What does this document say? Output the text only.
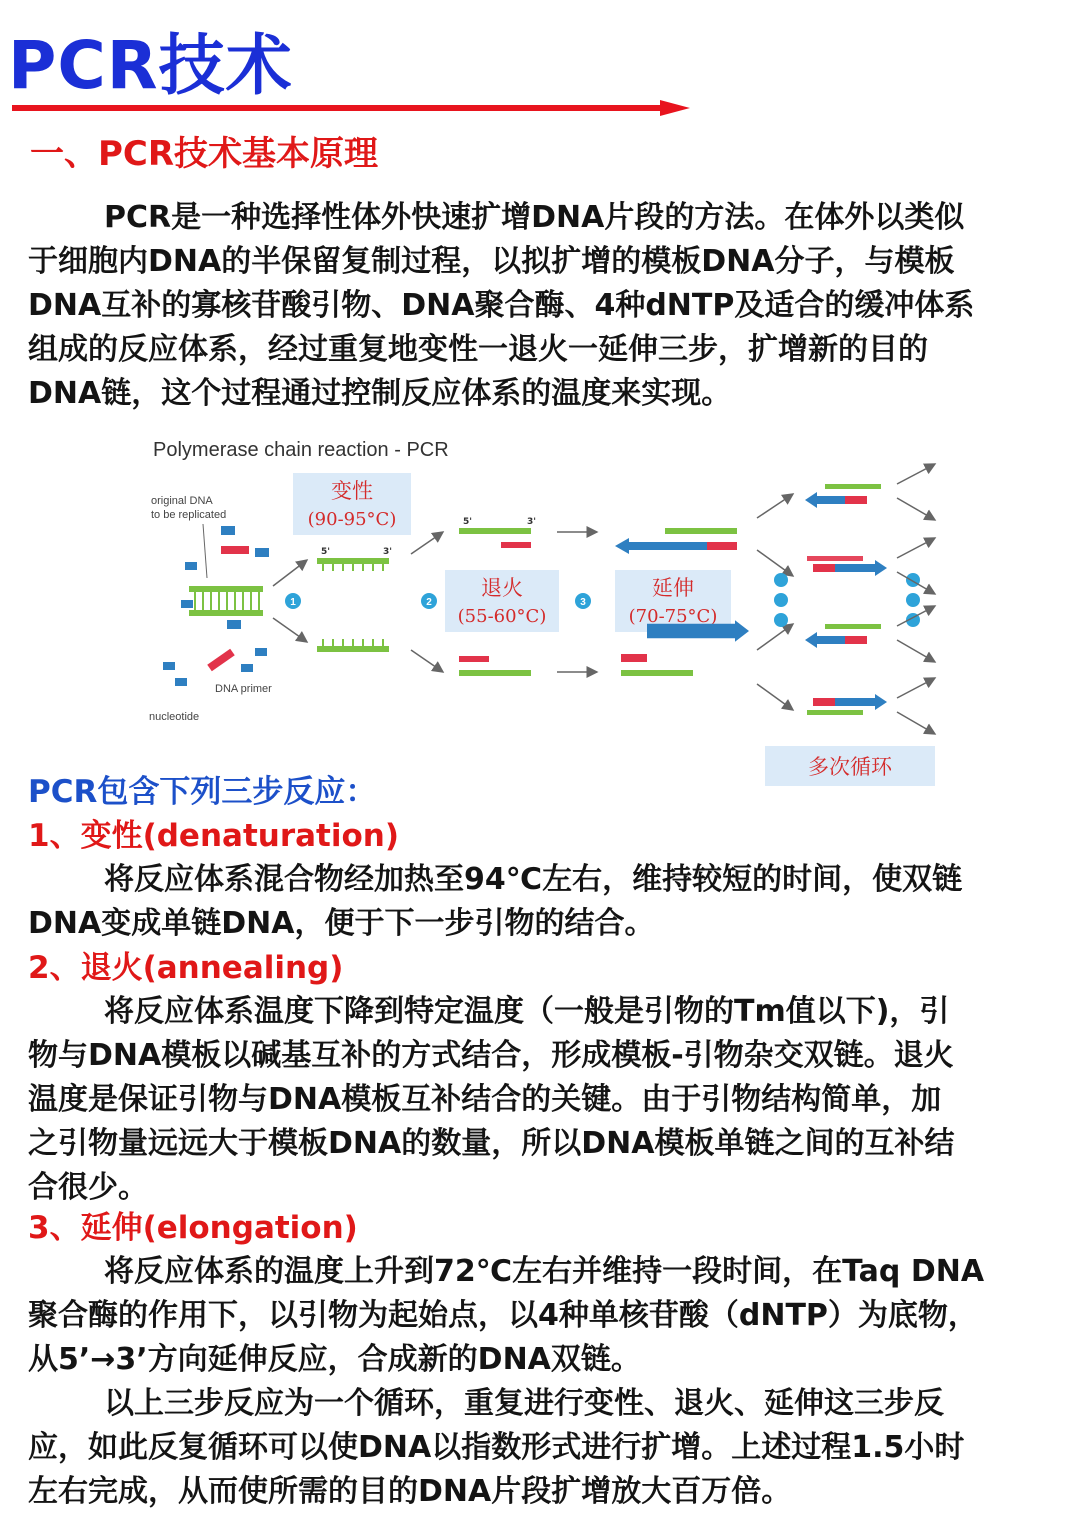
PCR技术
一、PCR技术基本原理

PCR是一种选择性体外快速扩增DNA片段的方法。在体外以类似
于细胞内DNA的半保留复制过程，以拟扩增的模板DNA分子，与模板
DNA互补的寡核苷酸引物、DNA聚合酶、4种dNTP及适合的缓冲体系
组成的反应体系，经过重复地变性一退火一延伸三步，扩增新的目的
DNA链，这个过程通过控制反应体系的温度来实现。

Polymerase chain reaction - PCR
original DNA
to be replicated
DNA primer
nucleotide
1
变性
(90-95°C)
2
退火
(55-60°C)
3
延伸
(70-75°C)
5'	3'
5'	3'
多次循环
PCR包含下列三步反应：
1、变性(denaturation)

将反应体系混合物经加热至94℃左右，维持较短的时间，使双链
DNA变成单链DNA，便于下一步引物的结合。

2、退火(annealing)

将反应体系温度下降到特定温度（一般是引物的Tm值以下)，引
物与DNA模板以碱基互补的方式结合，形成模板-引物杂交双链。退火
温度是保证引物与DNA模板互补结合的关键。由于引物结构简单，加
之引物量远远大于模板DNA的数量，所以DNA模板单链之间的互补结
合很少。

3、延伸(elongation)

将反应体系的温度上升到72℃左右并维持一段时间，在Taq DNA
聚合酶的作用下，以引物为起始点，以4种单核苷酸（dNTP）为底物，
从5’→3’方向延伸反应，合成新的DNA双链。

以上三步反应为一个循环，重复进行变性、退火、延伸这三步反
应，如此反复循环可以使DNA以指数形式进行扩增。上述过程1.5小时
左右完成，从而使所需的目的DNA片段扩增放大百万倍。
